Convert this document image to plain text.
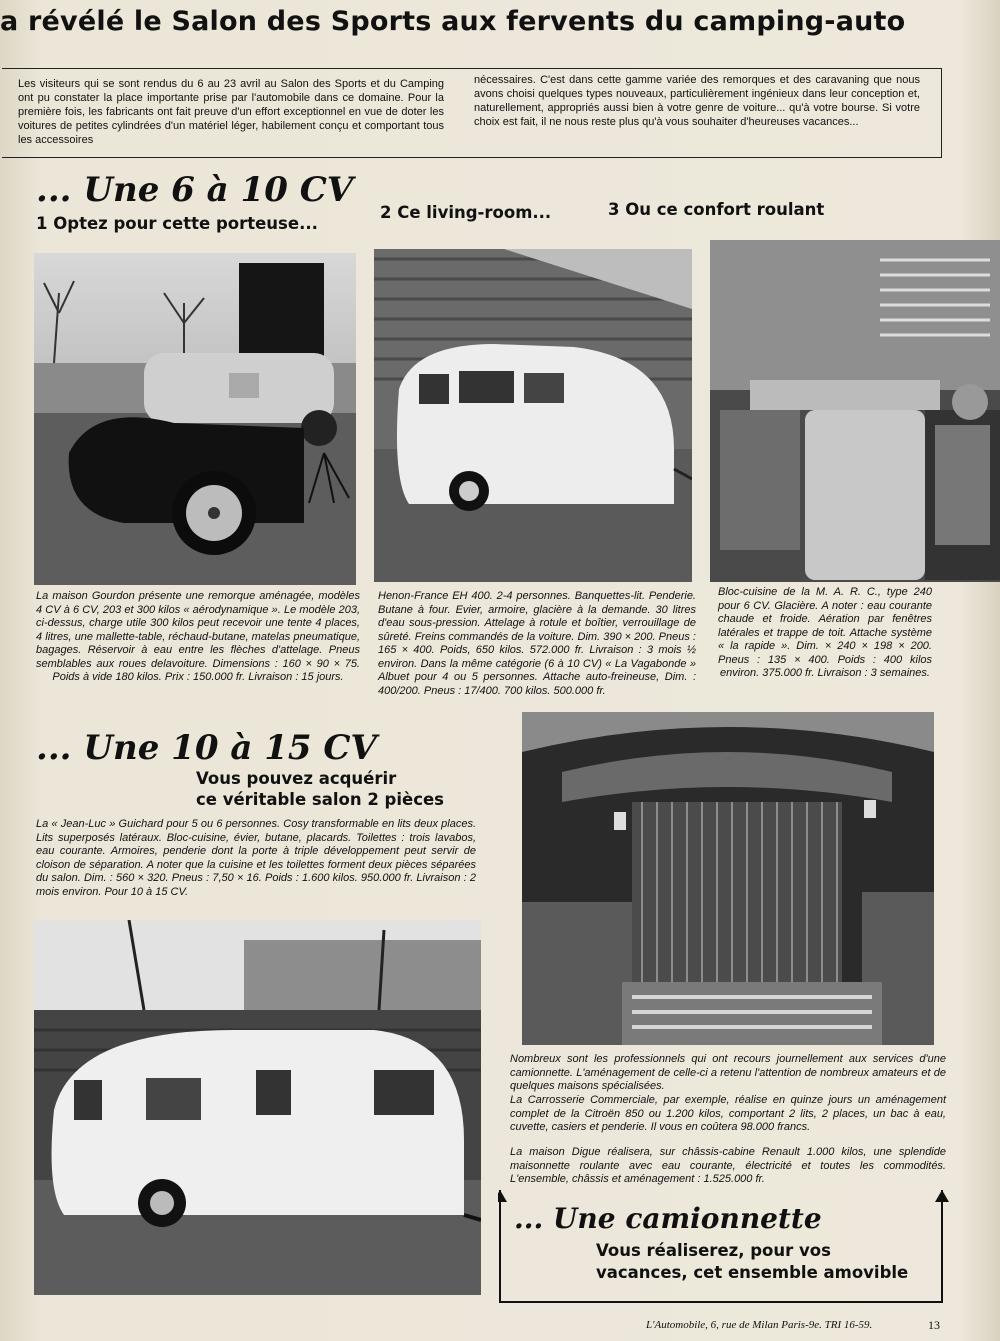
a révélé le Salon des Sports aux fervents du camping-auto
Les visiteurs qui se sont rendus du 6 au 23 avril au Salon des Sports et du Camping ont pu constater la place importante prise par l'automobile dans ce domaine. Pour la première fois, les fabricants ont fait preuve d'un effort exceptionnel en vue de doter les voitures de petites cylindrées d'un matériel léger, habilement conçu et comportant tous les accessoires
nécessaires. C'est dans cette gamme variée des remorques et des caravaning que nous avons choisi quelques types nouveaux, particulièrement ingénieux dans leur conception et, naturellement, appropriés aussi bien à votre genre de voiture... qu'à votre bourse. Si votre choix est fait, il ne nous reste plus qu'à vous souhaiter d'heureuses vacances...
... Une 6 à 10 CV
1 Optez pour cette porteuse...
2 Ce living-room...	3 Ou ce confort roulant
La maison Gourdon présente une remorque aménagée, modèles 4 CV à 6 CV, 203 et 300 kilos « aérodynamique ». Le modèle 203, ci-dessus, charge utile 300 kilos peut recevoir une tente 4 places, 4 litres, une mallette-table, réchaud-butane, matelas pneumatique, bagages. Réservoir à eau entre les flèches d'attelage. Pneus semblables aux roues delavoiture. Dimensions : 160 × 90 × 75. Poids à vide 180 kilos. Prix : 150.000 fr. Livraison : 15 jours.
Henon-France EH 400. 2-4 personnes. Banquettes-lit. Penderie. Butane à four. Evier, armoire, glacière à la demande. 30 litres d'eau sous-pression. Attelage à rotule et boîtier, verrouillage de sûreté. Freins commandés de la voiture. Dim. 390 × 200. Pneus : 165 × 400. Poids, 650 kilos. 572.000 fr. Livraison : 3 mois ½ environ. Dans la même catégorie (6 à 10 CV) « La Vagabonde » Albuet pour 4 ou 5 personnes. Attache auto-freineuse, Dim. : 400/200. Pneus : 17/400. 700 kilos. 500.000 fr.
Bloc-cuisine de la M. A. R. C., type 240 pour 6 CV. Glacière. A noter : eau courante chaude et froide. Aération par fenêtres latérales et trappe de toit. Attache système « la rapide ». Dim. × 240 × 198 × 200. Pneus : 135 × 400. Poids : 400 kilos environ. 375.000 fr. Livraison : 3 semaines.
... Une 10 à 15 CV
Vous pouvez acquérir
ce véritable salon 2 pièces
La « Jean-Luc » Guichard pour 5 ou 6 personnes. Cosy transformable en lits deux places. Lits superposés latéraux. Bloc-cuisine, évier, butane, placards. Toilettes : trois lavabos, eau courante. Armoires, penderie dont la porte à triple développement peut servir de cloison de séparation. A noter que la cuisine et les toilettes forment deux pièces séparées du salon. Dim. : 560 × 320. Pneus : 7,50 × 16. Poids : 1.600 kilos. 950.000 fr. Livraison : 2 mois environ. Pour 10 à 15 CV.
Nombreux sont les professionnels qui ont recours journellement aux services d'une camionnette. L'aménagement de celle-ci a retenu l'attention de nombreux amateurs et de quelques maisons spécialisées.
La Carrosserie Commerciale, par exemple, réalise en quinze jours un aménagement complet de la Citroën 850 ou 1.200 kilos, comportant 2 lits, 2 places, un bac à eau, cuvette, casiers et penderie. Il vous en coûtera 98.000 francs.
La maison Digue réalisera, sur châssis-cabine Renault 1.000 kilos, une splendide maisonnette roulante avec eau courante, électricité et toutes les commodités. L'ensemble, châssis et aménagement : 1.525.000 fr.
... Une camionnette
Vous réaliserez, pour vos
vacances, cet ensemble amovible
L'Automobile, 6, rue de Milan Paris-9e. TRI 16-59.	13
